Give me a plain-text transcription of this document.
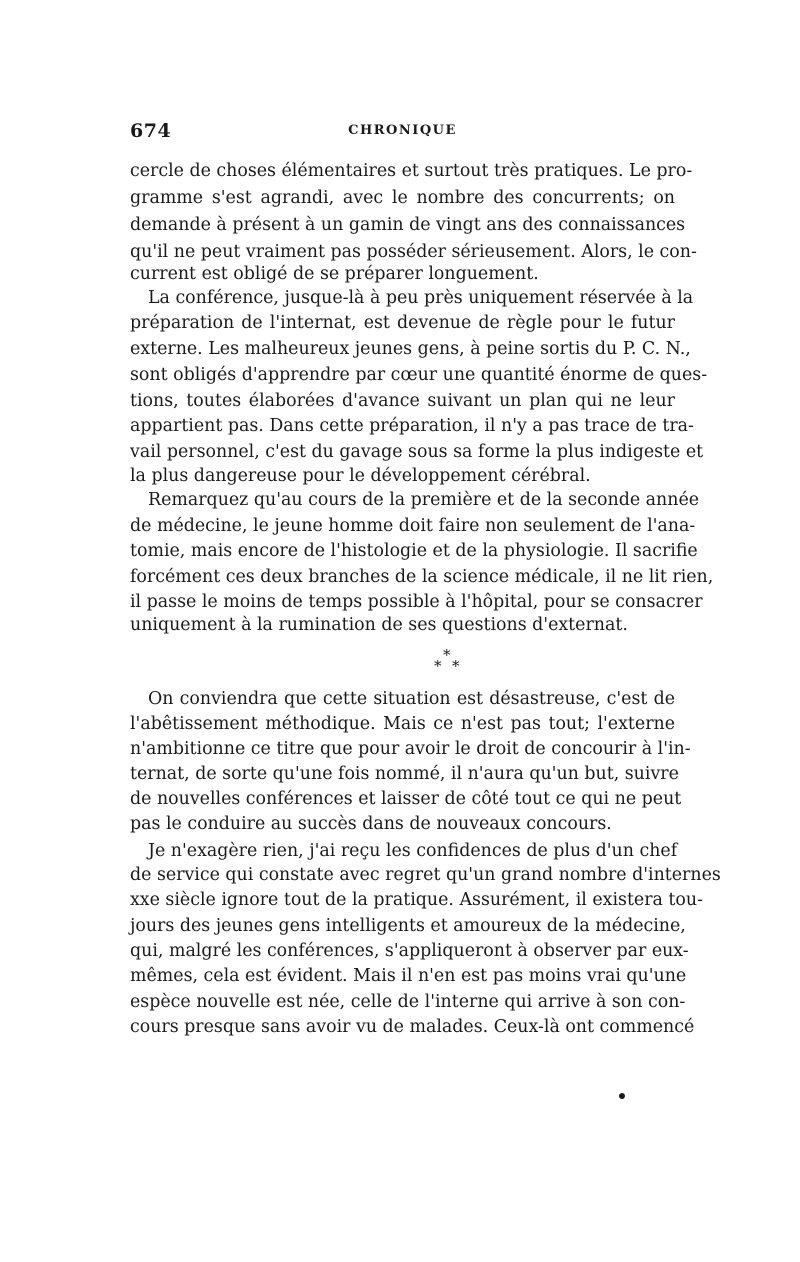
674	CHRONIQUE
cercle de choses élémentaires et surtout très pratiques. Le pro-
gramme s'est agrandi, avec le nombre des concurrents; on
demande à présent à un gamin de vingt ans des connaissances
qu'il ne peut vraiment pas posséder sérieusement. Alors, le con-
current est obligé de se préparer longuement.
La conférence, jusque-là à peu près uniquement réservée à la
préparation de l'internat, est devenue de règle pour le futur
externe. Les malheureux jeunes gens, à peine sortis du P. C. N.,
sont obligés d'apprendre par cœur une quantité énorme de ques-
tions, toutes élaborées d'avance suivant un plan qui ne leur
appartient pas. Dans cette préparation, il n'y a pas trace de tra-
vail personnel, c'est du gavage sous sa forme la plus indigeste et
la plus dangereuse pour le développement cérébral.
Remarquez qu'au cours de la première et de la seconde année
de médecine, le jeune homme doit faire non seulement de l'ana-
tomie, mais encore de l'histologie et de la physiologie. Il sacrifie
forcément ces deux branches de la science médicale, il ne lit rien,
il passe le moins de temps possible à l'hôpital, pour se consacrer
uniquement à la rumination de ses questions d'externat.
*
* *
On conviendra que cette situation est désastreuse, c'est de
l'abêtissement méthodique. Mais ce n'est pas tout; l'externe
n'ambitionne ce titre que pour avoir le droit de concourir à l'in-
ternat, de sorte qu'une fois nommé, il n'aura qu'un but, suivre
de nouvelles conférences et laisser de côté tout ce qui ne peut
pas le conduire au succès dans de nouveaux concours.
Je n'exagère rien, j'ai reçu les confidences de plus d'un chef
de service qui constate avec regret qu'un grand nombre d'internes
xxe siècle ignore tout de la pratique. Assurément, il existera tou-
jours des jeunes gens intelligents et amoureux de la médecine,
qui, malgré les conférences, s'appliqueront à observer par eux-
mêmes, cela est évident. Mais il n'en est pas moins vrai qu'une
espèce nouvelle est née, celle de l'interne qui arrive à son con-
cours presque sans avoir vu de malades. Ceux-là ont commencé
